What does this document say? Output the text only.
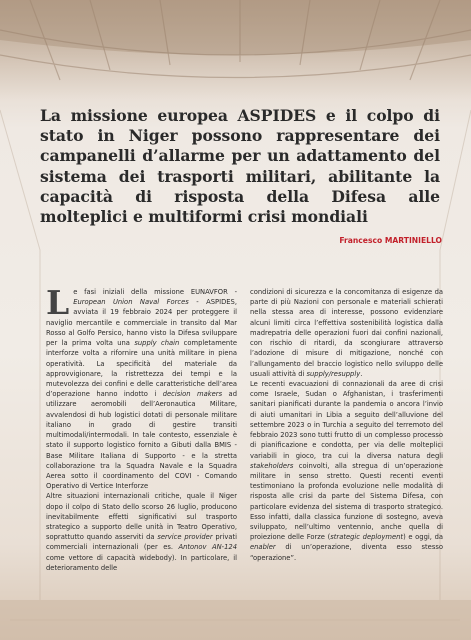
La missione europea ASPIDES e il colpo di stato in Niger possono rappresentare dei campanelli d’allarme per un adattamento del sistema dei trasporti militari, abilitante la capacità di risposta della Difesa alle molteplici e multiformi crisi mondiali
Francesco MARTINIELLO

Le fasi iniziali della missione EUNAVFOR - European Union Naval Forces - ASPIDES, avviata il 19 febbraio 2024 per proteggere il naviglio mercantile e commerciale in transito dal Mar Rosso al Golfo Persico, hanno visto la Difesa sviluppare per la prima volta una supply chain completamente interforze volta a rifornire una unità militare in piena operatività. La specificità del materiale da approvvigionare, la ristrettezza dei tempi e la mutevolezza dei confini e delle caratteristiche dell’area d’operazione hanno indotto i decision makers ad utilizzare aeromobili dell’Aeronautica Militare, avvalendosi di hub logistici dotati di personale militare italiano in grado di gestire transiti multimodali/intermodali. In tale contesto, essenziale è stato il supporto logistico fornito a Gibuti dalla BMIS - Base Militare Italiana di Supporto - e la stretta collaborazione tra la Squadra Navale e la Squadra Aerea sotto il coordinamento del COVI - Comando Operativo di Vertice Interforze

Altre situazioni internazionali critiche, quale il Niger dopo il colpo di Stato dello scorso 26 luglio, producono inevitabilmente effetti significativi sul trasporto strategico a supporto delle unità in Teatro Operativo, soprattutto quando asserviti da service provider privati commerciali internazionali (per es. Antonov AN-124 come vettore di capacità widebody). In particolare, il deterioramento delle

condizioni di sicurezza e la concomitanza di esigenze da parte di più Nazioni con personale e materiali schierati nella stessa area di interesse, possono evidenziare alcuni limiti circa l’effettiva sostenibilità logistica dalla madrepatria delle operazioni fuori dai confini nazionali, con rischio di ritardi, da scongiurare attraverso l’adozione di misure di mitigazione, nonché con l’allungamento del braccio logistico nello sviluppo delle usuali attività di supply/resupply.

Le recenti evacuazioni di connazionali da aree di crisi come Israele, Sudan o Afghanistan, i trasferimenti sanitari pianificati durante la pandemia o ancora l’invio di aiuti umanitari in Libia a seguito dell’alluvione del settembre 2023 o in Turchia a seguito del terremoto del febbraio 2023 sono tutti frutto di un complesso processo di pianificazione e condotta, per via delle molteplici variabili in gioco, tra cui la diversa natura degli stakeholders coinvolti, alla stregua di un’operazione militare in senso stretto. Questi recenti eventi testimoniano la profonda evoluzione nelle modalità di risposta alle crisi da parte del Sistema Difesa, con particolare evidenza del sistema di trasporto strategico. Esso infatti, dalla classica funzione di sostegno, aveva sviluppato, nell’ultimo ventennio, anche quella di proiezione delle Forze (strategic deployment) e oggi, da enabler di un’operazione, diventa esso stesso “operazione”.
